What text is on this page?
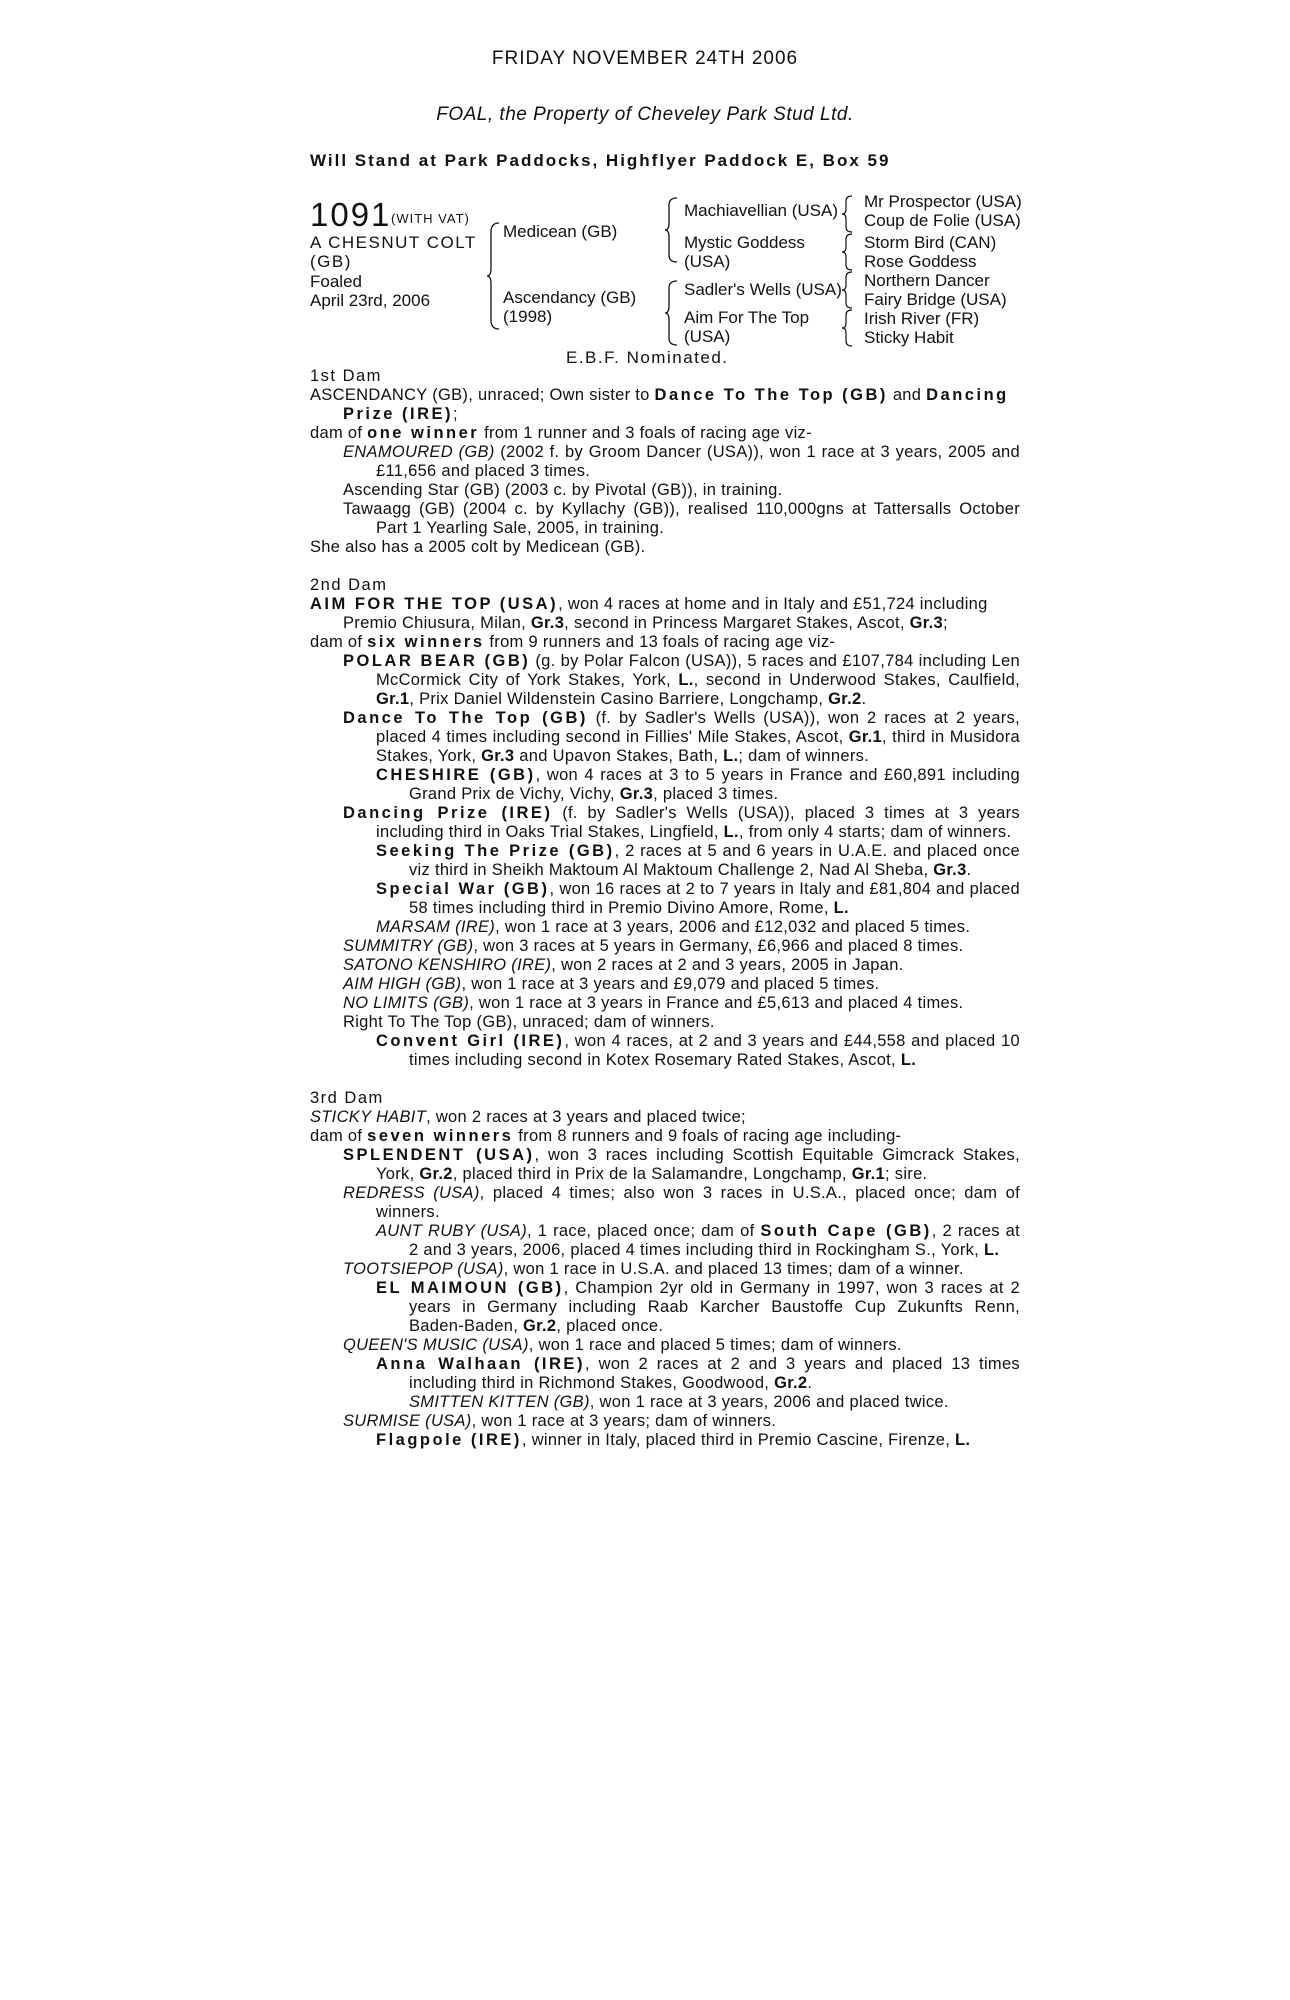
FRIDAY NOVEMBER 24TH 2006
FOAL, the Property of Cheveley Park Stud Ltd.
Will Stand at Park Paddocks, Highflyer Paddock E, Box 59
1091 (WITH VAT)
A CHESNUT COLT
(GB)
Foaled
April 23rd, 2006
Medicean (GB)
Ascendancy (GB)
(1998)
Machiavellian (USA)
Mystic Goddess
(USA)
Sadler's Wells (USA)
Aim For The Top
(USA)
Mr Prospector (USA)
Coup de Folie (USA)
Storm Bird (CAN)
Rose Goddess
Northern Dancer
Fairy Bridge (USA)
Irish River (FR)
Sticky Habit
E.B.F. Nominated.
1st Dam
ASCENDANCY (GB), unraced; Own sister to Dance To The Top (GB) and Dancing Prize (IRE);
dam of one winner from 1 runner and 3 foals of racing age viz-
ENAMOURED (GB) (2002 f. by Groom Dancer (USA)), won 1 race at 3 years, 2005 and £11,656 and placed 3 times.
Ascending Star (GB) (2003 c. by Pivotal (GB)), in training.
Tawaagg (GB) (2004 c. by Kyllachy (GB)), realised 110,000gns at Tattersalls October Part 1 Yearling Sale, 2005, in training.
She also has a 2005 colt by Medicean (GB).
2nd Dam
AIM FOR THE TOP (USA), won 4 races at home and in Italy and £51,724 including Premio Chiusura, Milan, Gr.3, second in Princess Margaret Stakes, Ascot, Gr.3;
dam of six winners from 9 runners and 13 foals of racing age viz-
POLAR BEAR (GB) (g. by Polar Falcon (USA)), 5 races and £107,784 including Len McCormick City of York Stakes, York, L., second in Underwood Stakes, Caulfield, Gr.1, Prix Daniel Wildenstein Casino Barriere, Longchamp, Gr.2.
Dance To The Top (GB) (f. by Sadler's Wells (USA)), won 2 races at 2 years, placed 4 times including second in Fillies' Mile Stakes, Ascot, Gr.1, third in Musidora Stakes, York, Gr.3 and Upavon Stakes, Bath, L.; dam of winners.
CHESHIRE (GB), won 4 races at 3 to 5 years in France and £60,891 including Grand Prix de Vichy, Vichy, Gr.3, placed 3 times.
Dancing Prize (IRE) (f. by Sadler's Wells (USA)), placed 3 times at 3 years including third in Oaks Trial Stakes, Lingfield, L., from only 4 starts; dam of winners.
Seeking The Prize (GB), 2 races at 5 and 6 years in U.A.E. and placed once viz third in Sheikh Maktoum Al Maktoum Challenge 2, Nad Al Sheba, Gr.3.
Special War (GB), won 16 races at 2 to 7 years in Italy and £81,804 and placed 58 times including third in Premio Divino Amore, Rome, L.
MARSAM (IRE), won 1 race at 3 years, 2006 and £12,032 and placed 5 times.
SUMMITRY (GB), won 3 races at 5 years in Germany, £6,966 and placed 8 times.
SATONO KENSHIRO (IRE), won 2 races at 2 and 3 years, 2005 in Japan.
AIM HIGH (GB), won 1 race at 3 years and £9,079 and placed 5 times.
NO LIMITS (GB), won 1 race at 3 years in France and £5,613 and placed 4 times.
Right To The Top (GB), unraced; dam of winners.
Convent Girl (IRE), won 4 races, at 2 and 3 years and £44,558 and placed 10 times including second in Kotex Rosemary Rated Stakes, Ascot, L.
3rd Dam
STICKY HABIT, won 2 races at 3 years and placed twice;
dam of seven winners from 8 runners and 9 foals of racing age including-
SPLENDENT (USA), won 3 races including Scottish Equitable Gimcrack Stakes, York, Gr.2, placed third in Prix de la Salamandre, Longchamp, Gr.1; sire.
REDRESS (USA), placed 4 times; also won 3 races in U.S.A., placed once; dam of winners.
AUNT RUBY (USA), 1 race, placed once; dam of South Cape (GB), 2 races at 2 and 3 years, 2006, placed 4 times including third in Rockingham S., York, L.
TOOTSIEPOP (USA), won 1 race in U.S.A. and placed 13 times; dam of a winner.
EL MAIMOUN (GB), Champion 2yr old in Germany in 1997, won 3 races at 2 years in Germany including Raab Karcher Baustoffe Cup Zukunfts Renn, Baden-Baden, Gr.2, placed once.
QUEEN'S MUSIC (USA), won 1 race and placed 5 times; dam of winners.
Anna Walhaan (IRE), won 2 races at 2 and 3 years and placed 13 times including third in Richmond Stakes, Goodwood, Gr.2.
SMITTEN KITTEN (GB), won 1 race at 3 years, 2006 and placed twice.
SURMISE (USA), won 1 race at 3 years; dam of winners.
Flagpole (IRE), winner in Italy, placed third in Premio Cascine, Firenze, L.
